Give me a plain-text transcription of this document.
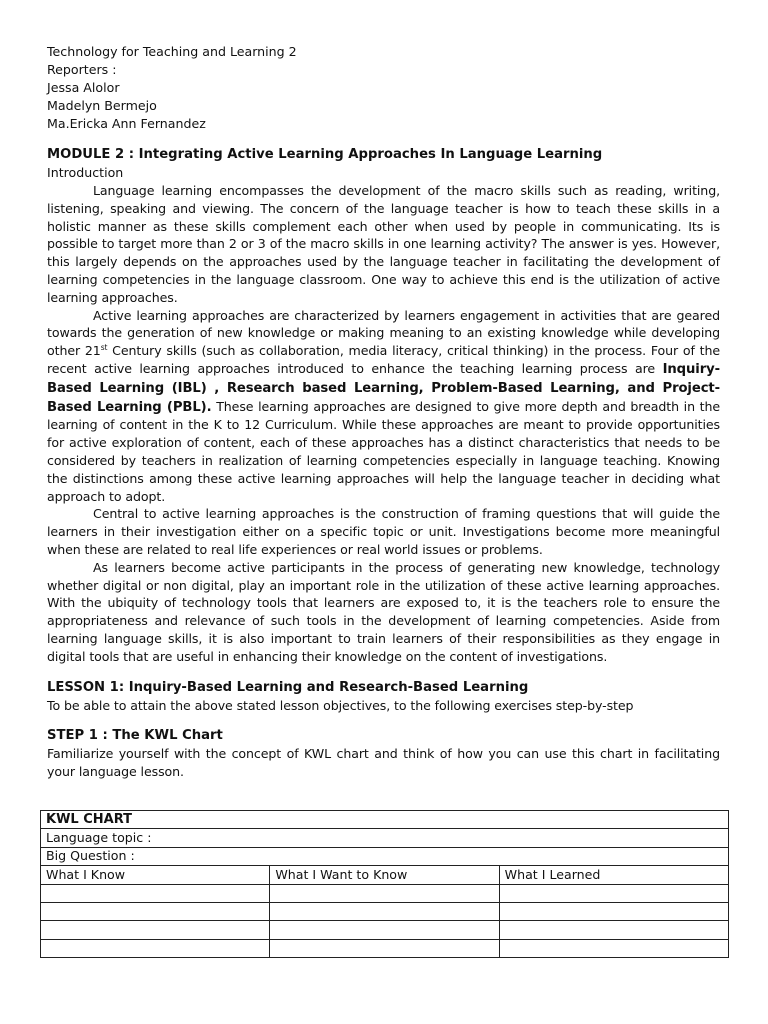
Technology for Teaching and Learning 2
Reporters :
Jessa Alolor
Madelyn Bermejo
Ma.Ericka Ann Fernandez
MODULE 2 : Integrating Active Learning Approaches In Language Learning
Introduction

Language learning encompasses the development of the macro skills such as reading, writing, listening, speaking and viewing. The concern of the language teacher is how to teach these skills in a holistic manner as these skills complement each other when used by people in communicating. Its is possible to target more than 2 or 3 of the macro skills in one learning activity? The answer is yes. However, this largely depends on the approaches used by the language teacher in facilitating the development of learning competencies in the language classroom. One way to achieve this end is the utilization of active learning approaches.

Active learning approaches are characterized by learners engagement in activities that are geared towards the generation of new knowledge or making meaning to an existing knowledge while developing other 21st Century skills (such as collaboration, media literacy, critical thinking) in the process. Four of the recent active learning approaches introduced to enhance the teaching learning process are Inquiry-Based Learning (IBL) , Research based Learning, Problem-Based Learning, and Project-Based Learning (PBL). These learning approaches are designed to give more depth and breadth in the learning of content in the K to 12 Curriculum. While these approaches are meant to provide opportunities for active exploration of content, each of these approaches has a distinct characteristics that needs to be considered by teachers in realization of learning competencies especially in language teaching. Knowing the distinctions among these active learning approaches will help the language teacher in deciding what approach to adopt.

Central to active learning approaches is the construction of framing questions that will guide the learners in their investigation either on a specific topic or unit. Investigations become more meaningful when these are related to real life experiences or real world issues or problems.

As learners become active participants in the process of generating new knowledge, technology whether digital or non digital, play an important role in the utilization of these active learning approaches. With the ubiquity of technology tools that learners are exposed to, it is the teachers role to ensure the appropriateness and relevance of such tools in the development of learning competencies. Aside from learning language skills, it is also important to train learners of their responsibilities as they engage in digital tools that are useful in enhancing their knowledge on the content of investigations.

LESSON 1: Inquiry-Based Learning and Research-Based Learning

To be able to attain the above stated lesson objectives, to the following exercises step-by-step

STEP 1 : The KWL Chart

Familiarize yourself with the concept of KWL chart and think of how you can use this chart in facilitating your language lesson.

KWL CHART		
Language topic :		
Big Question :		
What I Know	What I Want to Know	What I Learned
